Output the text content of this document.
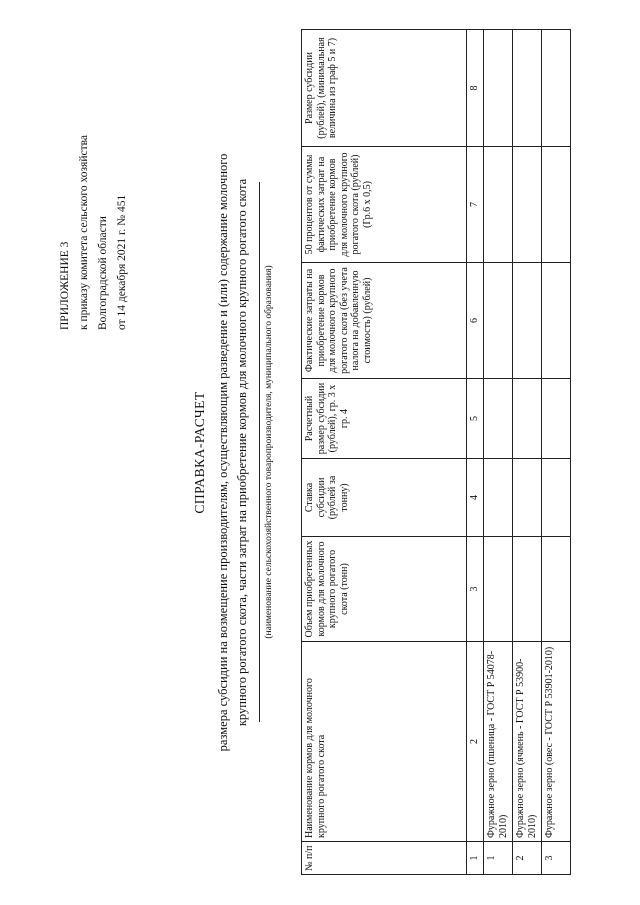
ПРИЛОЖЕНИЕ 3 к приказу комитета сельского хозяйства Волгоградской области от 14 декабря 2021 г. № 451
СПРАВКА-РАСЧЕТ размера субсидии на возмещение производителям, осуществляющим разведение и (или) содержание молочного крупного рогатого скота, части затрат на приобретение кормов для молочного крупного рогатого скота	(наименование сельскохозяйственного товаропроизводителя, муниципального образования)
№ п/п	Наименование кормов для молочного крупного рогатого скота	Объем приобретенных кормов для молочного крупного рогатого скота (тонн)	Ставка субсидии (рублей за тонну)	Расчетный размер субсидии (рублей), гр. 3 х гр. 4	Фактические затраты на приобретение кормов для молочного крупного рогатого скота (без учета налога на добавленную стоимость) (рублей)	50 процентов от суммы фактических затрат на приобретение кормов для молочного крупного рогатого скота (рублей) (Гр.6 х 0,5)	Размер субсидии (рублей), (минимальная величина из граф 5 и 7)
1	2	3	4	5	6	7	8
1	Фуражное зерно (пшеница - ГОСТ Р 54078-2010)						
2	Фуражное зерно (ячмень - ГОСТ Р 53900-2010)						
3	Фуражное зерно (овес - ГОСТ Р 53901-2010)						
